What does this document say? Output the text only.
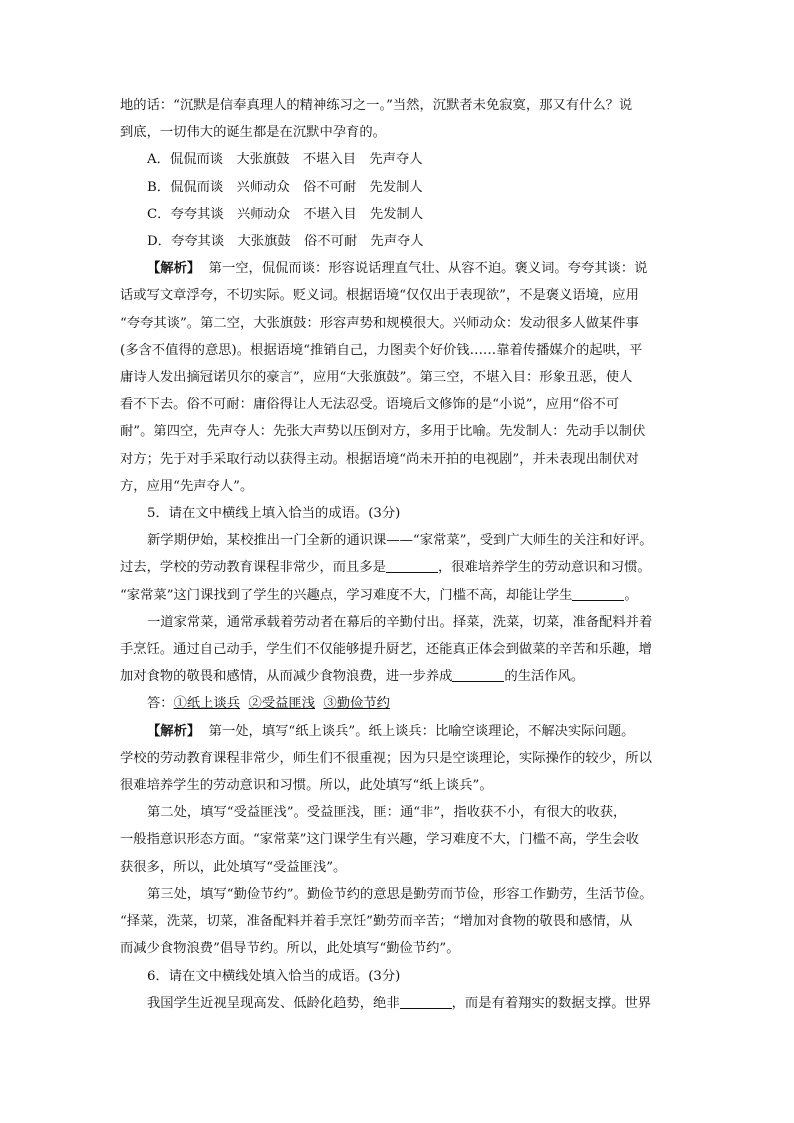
地的话：“沉默是信奉真理人的精神练习之一。”当然，沉默者未免寂寞，那又有什么？说

到底，一切伟大的诞生都是在沉默中孕育的。

A．侃侃而谈　大张旗鼓　不堪入目　先声夺人

B．侃侃而谈　兴师动众　俗不可耐　先发制人

C．夸夸其谈　兴师动众　不堪入目　先发制人

D．夸夸其谈　大张旗鼓　俗不可耐　先声夺人

【解析】 第一空，侃侃而谈：形容说话理直气壮、从容不迫。褒义词。夸夸其谈：说

话或写文章浮夸，不切实际。贬义词。根据语境“仅仅出于表现欲”，不是褒义语境，应用

“夸夸其谈”。第二空，大张旗鼓：形容声势和规模很大。兴师动众：发动很多人做某件事

(多含不值得的意思)。根据语境“推销自己，力图卖个好价钱……靠着传播媒介的起哄，平

庸诗人发出摘冠诺贝尔的豪言”，应用“大张旗鼓”。第三空，不堪入目：形象丑恶，使人

看不下去。俗不可耐：庸俗得让人无法忍受。语境后文修饰的是“小说”，应用“俗不可

耐”。第四空，先声夺人：先张大声势以压倒对方，多用于比喻。先发制人：先动手以制伏

对方；先于对手采取行动以获得主动。根据语境“尚未开拍的电视剧”，并未表现出制伏对

方，应用“先声夺人”。

5．请在文中横线上填入恰当的成语。(3分)

新学期伊始，某校推出一门全新的通识课——“家常菜”，受到广大师生的关注和好评。

过去，学校的劳动教育课程非常少，而且多是	，很难培养学生的劳动意识和习惯。

“家常菜”这门课找到了学生的兴趣点，学习难度不大，门槛不高，却能让学生	。

一道家常菜，通常承载着劳动者在幕后的辛勤付出。择菜，洗菜，切菜，准备配料并着

手烹饪。通过自己动手，学生们不仅能够提升厨艺，还能真正体会到做菜的辛苦和乐趣，增

加对食物的敬畏和感情，从而减少食物浪费，进一步养成	的生活作风。

答：①纸上谈兵 ②受益匪浅 ③勤俭节约

【解析】 第一处，填写“纸上谈兵”。纸上谈兵：比喻空谈理论，不解决实际问题。

学校的劳动教育课程非常少，师生们不很重视；因为只是空谈理论，实际操作的较少，所以

很难培养学生的劳动意识和习惯。所以，此处填写“纸上谈兵”。

第二处，填写“受益匪浅”。受益匪浅，匪：通“非”，指收获不小，有很大的收获，

一般指意识形态方面。“家常菜”这门课学生有兴趣，学习难度不大，门槛不高，学生会收

获很多，所以，此处填写“受益匪浅”。

第三处，填写“勤俭节约”。勤俭节约的意思是勤劳而节俭，形容工作勤劳，生活节俭。

“择菜，洗菜，切菜，准备配料并着手烹饪”勤劳而辛苦；“增加对食物的敬畏和感情，从

而减少食物浪费”倡导节约。所以，此处填写“勤俭节约”。

6．请在文中横线处填入恰当的成语。(3分)

我国学生近视呈现高发、低龄化趋势，绝非	，而是有着翔实的数据支撑。世界
